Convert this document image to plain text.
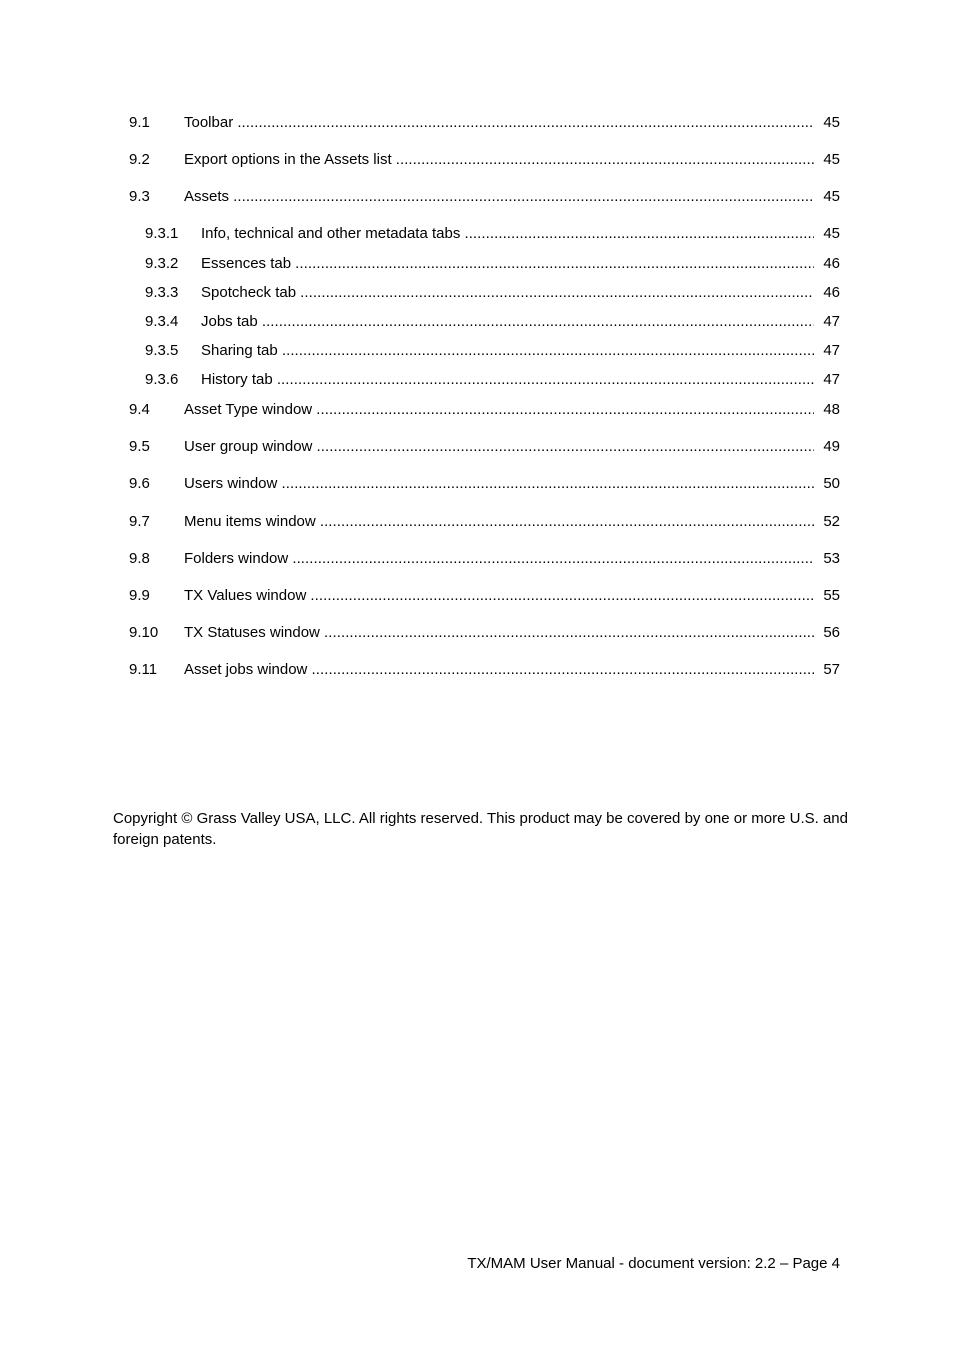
9.1 Toolbar . . .	45
9.2 Export options in the Assets list . . .	45
9.3 Assets . . .	45
9.3.1 Info, technical and other metadata tabs . . .	45
9.3.2 Essences tab . . .	46
9.3.3 Spotcheck tab . . .	46
9.3.4 Jobs tab . . .	47
9.3.5 Sharing tab . . .	47
9.3.6 History tab . . .	47
9.4 Asset Type window . . .	48
9.5 User group window . . .	49
9.6 Users window . . .	50
9.7 Menu items window . . .	52
9.8 Folders window . . .	53
9.9 TX Values window . . .	55
9.10 TX Statuses window . . .	56
9.11 Asset jobs window . . .	57

Copyright © Grass Valley USA, LLC. All rights reserved. This product may be covered by one or more U.S. and foreign patents.

TX/MAM User Manual - document version: 2.2 – Page 4
